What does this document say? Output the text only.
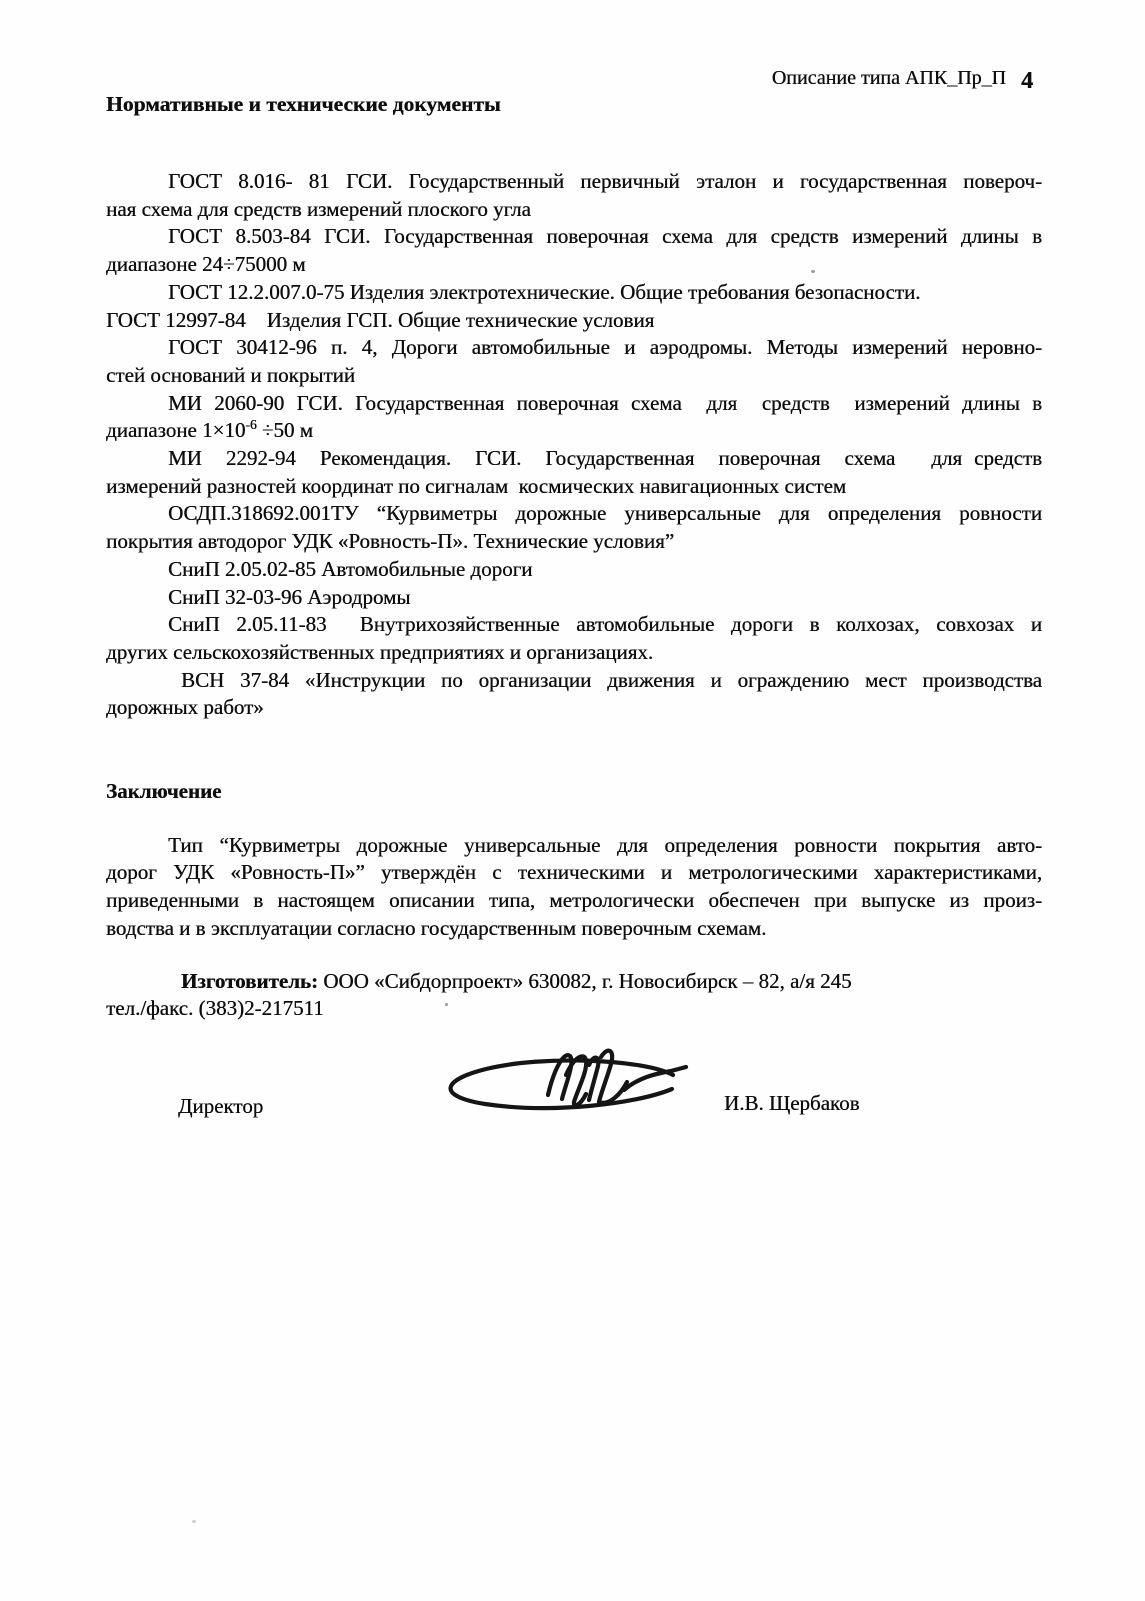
Описание типа АПК_Пр_П 4
Нормативные и технические документы
ГОСТ 8.016- 81 ГСИ. Государственный первичный эталон и государственная повероч-
ная схема для средств измерений плоского угла
ГОСТ 8.503-84 ГСИ. Государственная поверочная схема для средств измерений длины в
диапазоне 24÷75000 м
ГОСТ 12.2.007.0-75 Изделия электротехнические. Общие требования безопасности.
ГОСТ 12997-84    Изделия ГСП. Общие технические условия
ГОСТ 30412-96 п. 4, Дороги автомобильные и аэродромы. Методы измерений неровно-
стей оснований и покрытий
МИ 2060-90 ГСИ. Государственная поверочная схема  для  средств  измерений длины в
диапазоне $1\times 10^{-6} \div 50$ м
МИ  2292-94  Рекомендация.  ГСИ.  Государственная  поверочная  схема   для средств
измерений разностей координат по сигналам  космических навигационных систем
ОСДП.318692.001ТУ “Курвиметры дорожные универсальные для определения ровности
покрытия автодорог УДК «Ровность-П». Технические условия”
СниП 2.05.02-85 Автомобильные дороги
СниП 32-03-96 Аэродромы
СниП 2.05.11-83  Внутрихозяйственные автомобильные дороги в колхозах, совхозах и
других сельскохозяйственных предприятиях и организациях.
ВСН 37-84 «Инструкции по организации движения и ограждению мест производства
дорожных работ»
Заключение
Тип “Курвиметры дорожные универсальные для определения ровности покрытия авто-
дорог УДК «Ровность-П»” утверждён с техническими и метрологическими характеристиками,
приведенными в настоящем описании типа, метрологически обеспечен при выпуске из произ-
водства и в эксплуатации согласно государственным поверочным схемам.
Изготовитель: ООО «Сибдорпроект» 630082, г. Новосибирск – 82, а/я 245
тел./факс. (383)2-217511
Директор	И.В. Щербаков
